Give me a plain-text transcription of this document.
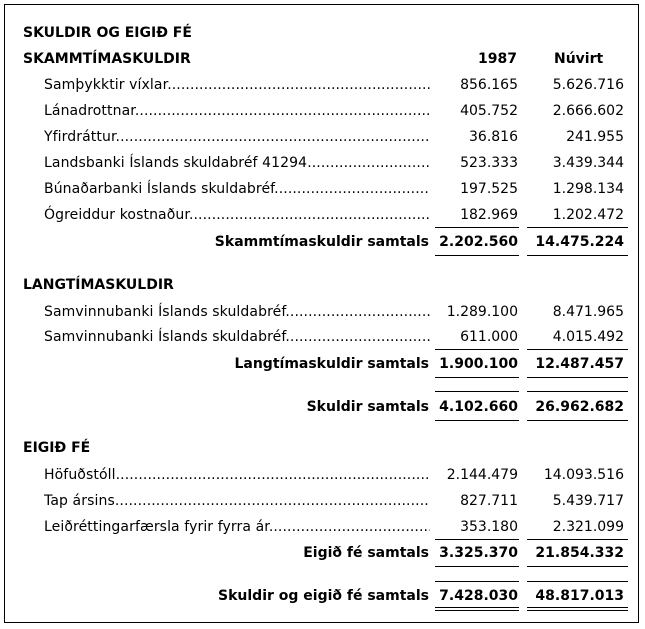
SKULDIR OG EIGIÐ FÉ
SKAMMTÍMASKULDIR	1987	Núvirt
Samþykktir víxlar .....	856.165 5.626.716
Lánadrottnar .....	405.752 2.666.602
Yfirdráttur .....	36.816	241.955
Landsbanki Íslands skuldabréf 41294 .....	523.333 3.439.344
Búnaðarbanki Íslands skuldabréf .....	197.525 1.298.134
Ógreiddur kostnaður .....	182.969 1.202.472
Skammtímaskuldir samtals 2.202.560 14.475.224
LANGTÍMASKULDIR
Samvinnubanki Íslands skuldabréf .....	1.289.100 8.471.965
Samvinnubanki Íslands skuldabréf .....	611.000 4.015.492
Langtímaskuldir samtals 1.900.100 12.487.457
Skuldir samtals 4.102.660 26.962.682
EIGIÐ FÉ
Höfuðstóll .....	2.144.479 14.093.516
Tap ársins .....	827.711 5.439.717
Leiðréttingarfærsla fyrir fyrra ár .....	353.180 2.321.099
Eigið fé samtals 3.325.370 21.854.332
Skuldir og eigið fé samtals 7.428.030 48.817.013
